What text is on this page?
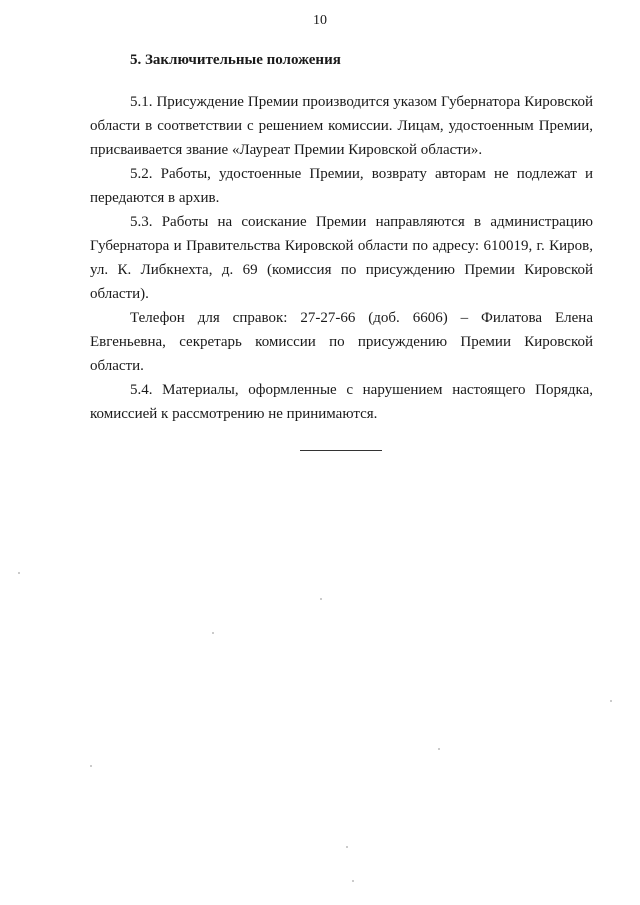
10
5. Заключительные положения

5.1. Присуждение Премии производится указом Губернатора Кировской области в соответствии с решением комиссии. Лицам, удостоенным Премии, присваивается звание «Лауреат Премии Кировской области».

5.2. Работы, удостоенные Премии, возврату авторам не подлежат и передаются в архив.

5.3. Работы на соискание Премии направляются в администрацию Губернатора и Правительства Кировской области по адресу: 610019, г. Киров, ул. К. Либкнехта, д. 69 (комиссия по присуждению Премии Кировской области).

Телефон для справок: 27-27-66 (доб. 6606) – Филатова Елена Евгеньевна, секретарь комиссии по присуждению Премии Кировской области.

5.4. Материалы, оформленные с нарушением настоящего Порядка, комиссией к рассмотрению не принимаются.
